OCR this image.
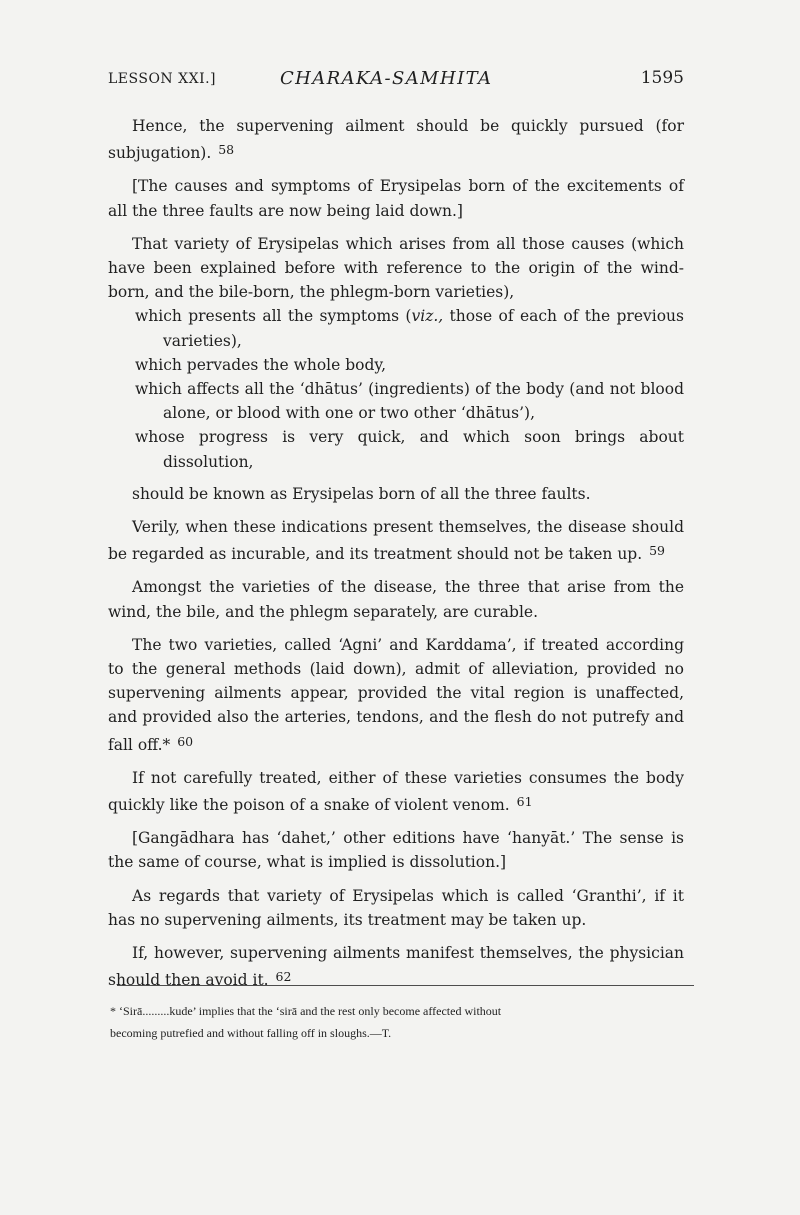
LESSON XXI.]	CHARAKA-SAMHITA	1595

Hence, the supervening ailment should be quickly pursued (for subjugation). $^{58}$

[The causes and symptoms of Erysipelas born of the excitements of all the three faults are now being laid down.]

That variety of Erysipelas which arises from all those causes (which have been explained before with reference to the origin of the wind-born, and the bile-born, the phlegm-born varieties),

which presents all the symptoms (viz., those of each of the previous varieties),
which pervades the whole body,
which affects all the ‘dhātus’ (ingredients) of the body (and not blood alone, or blood with one or two other ‘dhātus’),
whose progress is very quick, and which soon brings about dissolution,

should be known as Erysipelas born of all the three faults.

Verily, when these indications present themselves, the disease should be regarded as incurable, and its treatment should not be taken up. $^{59}$

Amongst the varieties of the disease, the three that arise from the wind, the bile, and the phlegm separately, are curable.

The two varieties, called ‘Agni’ and Karddama’, if treated according to the general methods (laid down), admit of alleviation, provided no supervening ailments appear, provided the vital region is unaffected, and provided also the arteries, tendons, and the flesh do not putrefy and fall off.* $^{60}$

If not carefully treated, either of these varieties consumes the body quickly like the poison of a snake of violent venom. $^{61}$

[Gangādhara has ‘dahet,’ other editions have ‘hanyāt.’ The sense is the same of course, what is implied is dissolution.]

As regards that variety of Erysipelas which is called ‘Granthi’, if it has no supervening ailments, its treatment may be taken up.

If, however, supervening ailments manifest themselves, the physician should then avoid it. $^{62}$

* ‘Sirā.........kude’ implies that the ‘sirā and the rest only become affected without
becoming putrefied and without falling off in sloughs.—T.
